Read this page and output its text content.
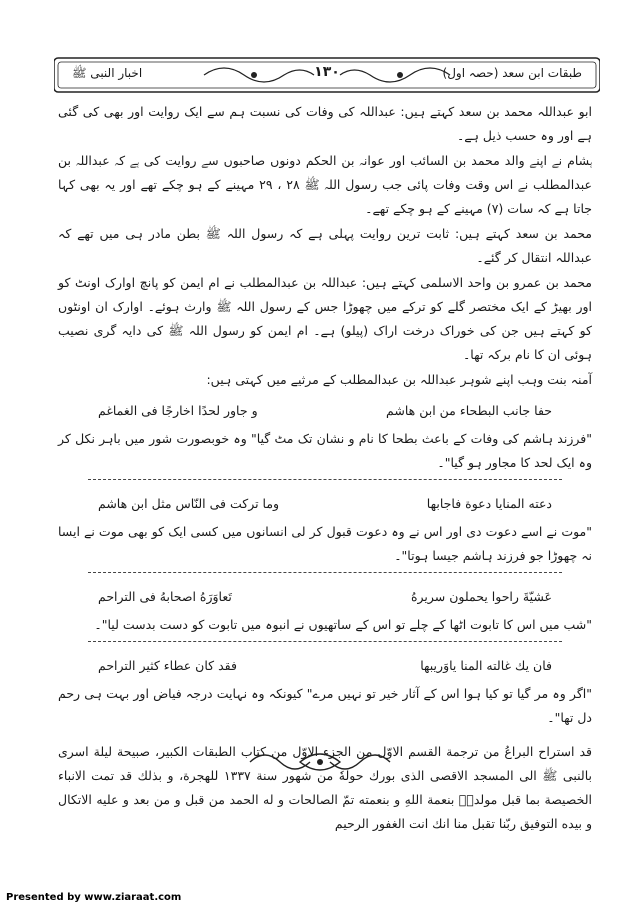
طبقات ابن سعد (حصہ اول)
۱۳۰
اخبار النبی ﷺ

ابو عبداللہ محمد بن سعد کہتے ہیں: عبداللہ کی وفات کی نسبت ہم سے ایک روایت اور بھی کی گئی ہے اور وہ حسب ذیل ہے۔

ہشام نے اپنے والد محمد بن السائب اور عوانہ بن الحکم دونوں صاحبوں سے روایت کی ہے کہ عبداللہ بن عبدالمطلب نے اس وقت وفات پائی جب رسول اللہ ﷺ ۲۸ ، ۲۹ مہینے کے ہو چکے تھے اور یہ بھی کہا جاتا ہے کہ سات (۷) مہینے کے ہو چکے تھے۔

محمد بن سعد کہتے ہیں: ثابت ترین روایت پہلی ہے کہ رسول اللہ ﷺ بطن مادر ہی میں تھے کہ عبداللہ انتقال کر گئے۔

محمد بن عمرو بن واحد الاسلمی کہتے ہیں: عبداللہ بن عبدالمطلب نے ام ایمن کو پانچ اوارک اونٹ کو اور بھیڑ کے ایک مختصر گلے کو ترکے میں چھوڑا جس کے رسول اللہ ﷺ وارث ہوئے۔ اوارک ان اونٹوں کو کہتے ہیں جن کی خوراک درخت اراک (پیلو) ہے۔ ام ایمن کو رسول اللہ ﷺ کی دایہ گری نصیب ہوئی ان کا نام برکہ تھا۔

آمنہ بنت وہب اپنے شوہر عبداللہ بن عبدالمطلب کے مرثیے میں کہتی ہیں:

حفا جانب البطحاء من ابن هاشم
و جاور لحدًا اخارجًا فى الغماغم

"فرزند ہاشم کی وفات کے باعث بطحا کا نام و نشان تک مٹ گیا" وہ خوبصورت شور میں باہر نکل کر وہ ایک لحد کا مجاور ہو گیا"۔

دعته المنايا دعوة فاجابها
وما تركت فى النّاس مثل ابن هاشم

"موت نے اسے دعوت دی اور اس نے وہ دعوت قبول کر لی انسانوں میں کسی ایک کو بھی موت نے ایسا نہ چھوڑا جو فرزند ہاشم جیسا ہوتا"۔

عَشيّةَ راحوا يحملون سريرهُ
تَعاوَرَهُ اصحابهُ فى التراحم

"شب میں اس کا تابوت اٹھا کے چلے تو اس کے ساتھیوں نے انبوہ میں تابوت کو دست بدست لیا"۔

فان يك غالته المنا ياوَريبها
فقد كان عطاء كثير التراحم

"اگر وہ مر گیا تو کیا ہوا اس کے آثار خیر تو نہیں مرے" کیونکہ وہ نہایت درجہ فیاض اور بہت ہی رحم دل تھا"۔

قد استراح البراعُ من ترجمة القسم الاوّل من الجزء الاوّل من كتاب الطبقات الكبير، صبيحة ليلة اسرى بالنبى ﷺ الى المسجد الاقصى الذى بورك حولهٗ من شهور سنة ١٣٣٧ للهجرة، و بذلك قد تمت الانباء الخصيصة بما قبل مولدهٖ بنعمة اللهِ و بنعمته تمّ الصالحات و له الحمد من قبل و من بعد و عليه الاتكال و بيده التوفيق ربّنا تقبل منا انك انت الغفور الرحيم

Presented by www.ziaraat.com
